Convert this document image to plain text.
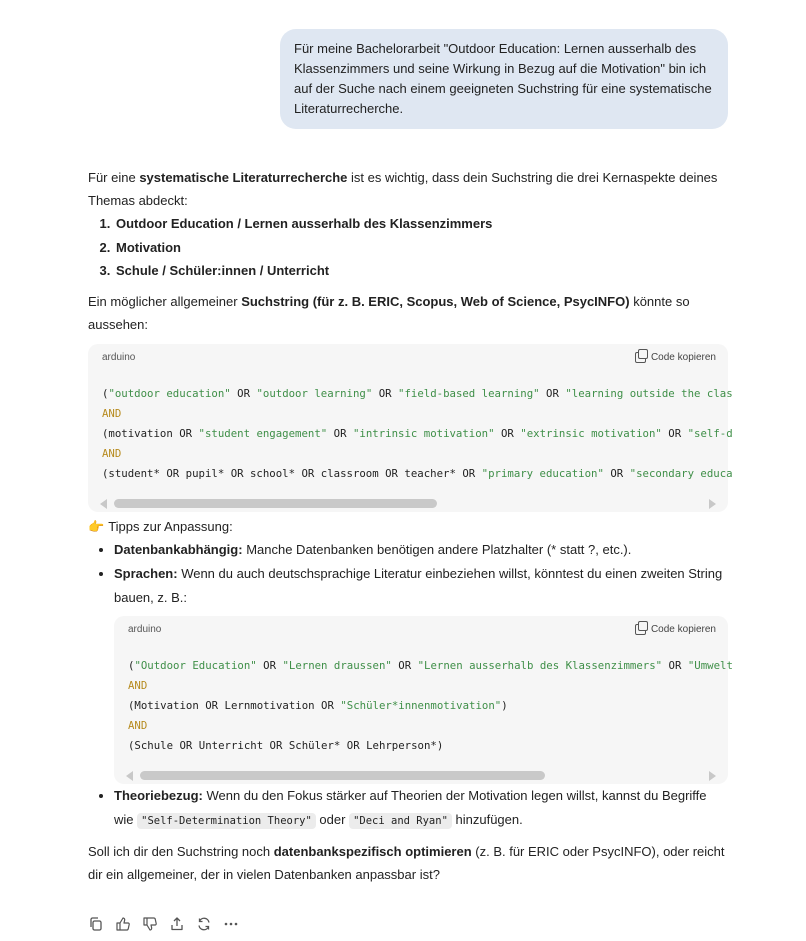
Für meine Bachelorarbeit "Outdoor Education: Lernen ausserhalb des Klassenzimmers und seine Wirkung in Bezug auf die Motivation" bin ich auf der Suche nach einem geeigneten Suchstring für eine systematische Literaturrecherche.

Für eine systematische Literaturrecherche ist es wichtig, dass dein Suchstring die drei Kernaspekte deines Themas abdeckt:

1. Outdoor Education / Lernen ausserhalb des Klassenzimmers
2. Motivation
3. Schule / Schüler:innen / Unterricht

Ein möglicher allgemeiner Suchstring (für z. B. ERIC, Scopus, Web of Science, PsycINFO) könnte so aussehen:

arduino	Code kopieren
("outdoor education" OR "outdoor learning" OR "field-based learning" OR "learning outside the clas
AND
(motivation OR "student engagement" OR "intrinsic motivation" OR "extrinsic motivation" OR "self-d
AND
(student* OR pupil* OR school* OR classroom OR teacher* OR "primary education" OR "secondary educa

👉 Tipps zur Anpassung:

• Datenbankabhängig: Manche Datenbanken benötigen andere Platzhalter (* statt ?, etc.).
• Sprachen: Wenn du auch deutschsprachige Literatur einbeziehen willst, könntest du einen zweiten String bauen, z. B.:
arduino	Code kopieren
("Outdoor Education" OR "Lernen draussen" OR "Lernen ausserhalb des Klassenzimmers" OR "Umwelt
AND
(Motivation OR Lernmotivation OR "Schüler*innenmotivation")
AND
(Schule OR Unterricht OR Schüler* OR Lehrperson*)
• Theoriebezug: Wenn du den Fokus stärker auf Theorien der Motivation legen willst, kannst du Begriffe wie "Self-Determination Theory" oder "Deci and Ryan" hinzufügen.

Soll ich dir den Suchstring noch datenbankspezifisch optimieren (z. B. für ERIC oder PsycINFO), oder reicht dir ein allgemeiner, der in vielen Datenbanken anpassbar ist?
